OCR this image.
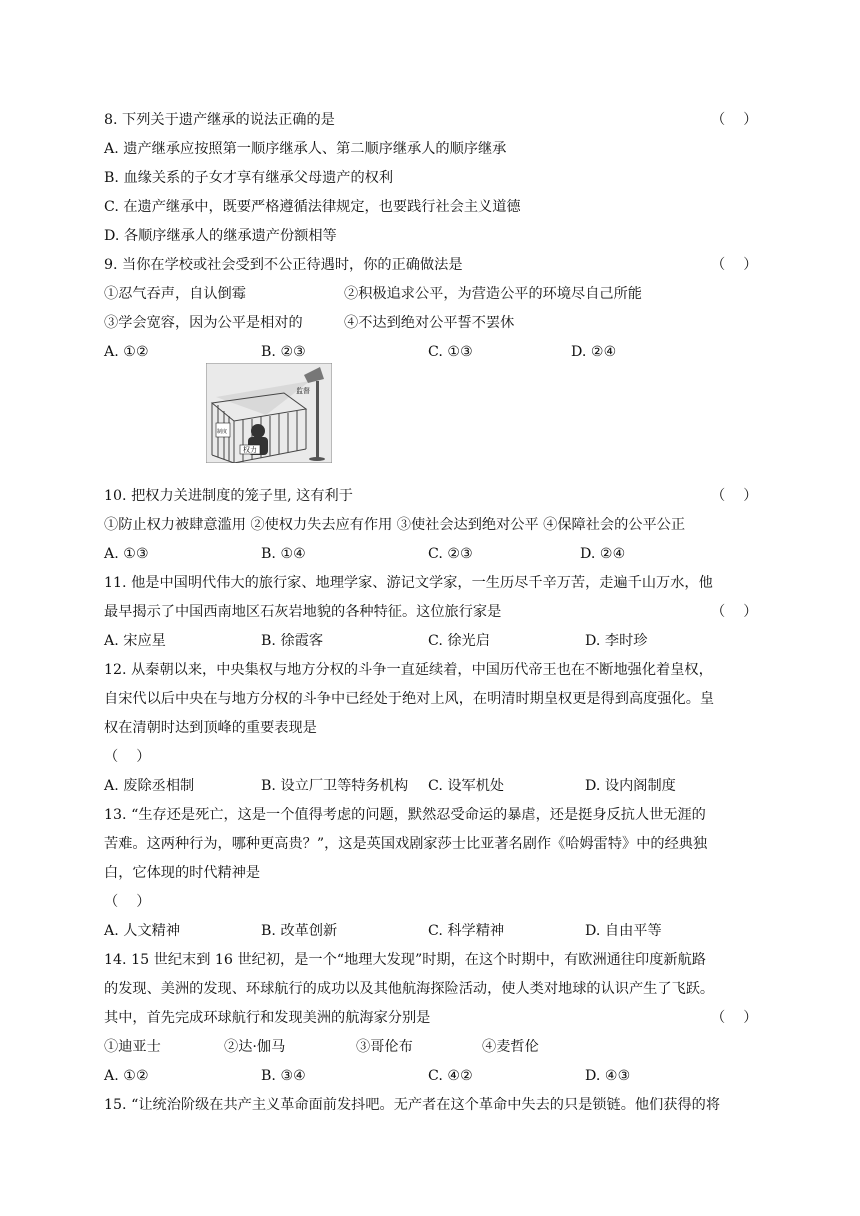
8. 下列关于遗产继承的说法正确的是	（    ）
A. 遗产继承应按照第一顺序继承人、第二顺序继承人的顺序继承
B. 血缘关系的子女才享有继承父母遗产的权利
C. 在遗产继承中，既要严格遵循法律规定，也要践行社会主义道德
D. 各顺序继承人的继承遗产份额相等
9. 当你在学校或社会受到不公正待遇时，你的正确做法是	（    ）
①忍气吞声，自认倒霉	②积极追求公平，为营造公平的环境尽自己所能
③学会宽容，因为公平是相对的	④不达到绝对公平誓不罢休
A. ①②	B. ②③	C. ①③	D. ②④
监督
权力
制度
10. 把权力关进制度的笼子里, 这有利于	（    ）
①防止权力被肆意滥用 ②使权力失去应有作用 ③使社会达到绝对公平 ④保障社会的公平公正
A. ①③	B. ①④	C. ②③	D. ②④
11. 他是中国明代伟大的旅行家、地理学家、游记文学家，一生历尽千辛万苦，走遍千山万水，他
最早揭示了中国西南地区石灰岩地貌的各种特征。这位旅行家是	（    ）
A. 宋应星	B. 徐霞客	C. 徐光启	D. 李时珍
12. 从秦朝以来，中央集权与地方分权的斗争一直延续着，中国历代帝王也在不断地强化着皇权，
自宋代以后中央在与地方分权的斗争中已经处于绝对上风，在明清时期皇权更是得到高度强化。皇
权在清朝时达到顶峰的重要表现是
（    ）
A. 废除丞相制	B. 设立厂卫等特务机构 C. 设军机处	D. 设内阁制度
13. “生存还是死亡，这是一个值得考虑的问题，默然忍受命运的暴虐，还是挺身反抗人世无涯的
苦难。这两种行为，哪种更高贵？”，这是英国戏剧家莎士比亚著名剧作《哈姆雷特》中的经典独
白，它体现的时代精神是
（    ）
A. 人文精神	B. 改革创新	C. 科学精神	D. 自由平等
14. 15 世纪末到 16 世纪初，是一个“地理大发现”时期，在这个时期中，有欧洲通往印度新航路
的发现、美洲的发现、环球航行的成功以及其他航海探险活动，使人类对地球的认识产生了飞跃。
其中，首先完成环球航行和发现美洲的航海家分别是	（    ）
①迪亚士	②达·伽马	③哥伦布	④麦哲伦
A. ①②	B. ③④	C. ④②	D. ④③
15. “让统治阶级在共产主义革命面前发抖吧。无产者在这个革命中失去的只是锁链。他们获得的将
